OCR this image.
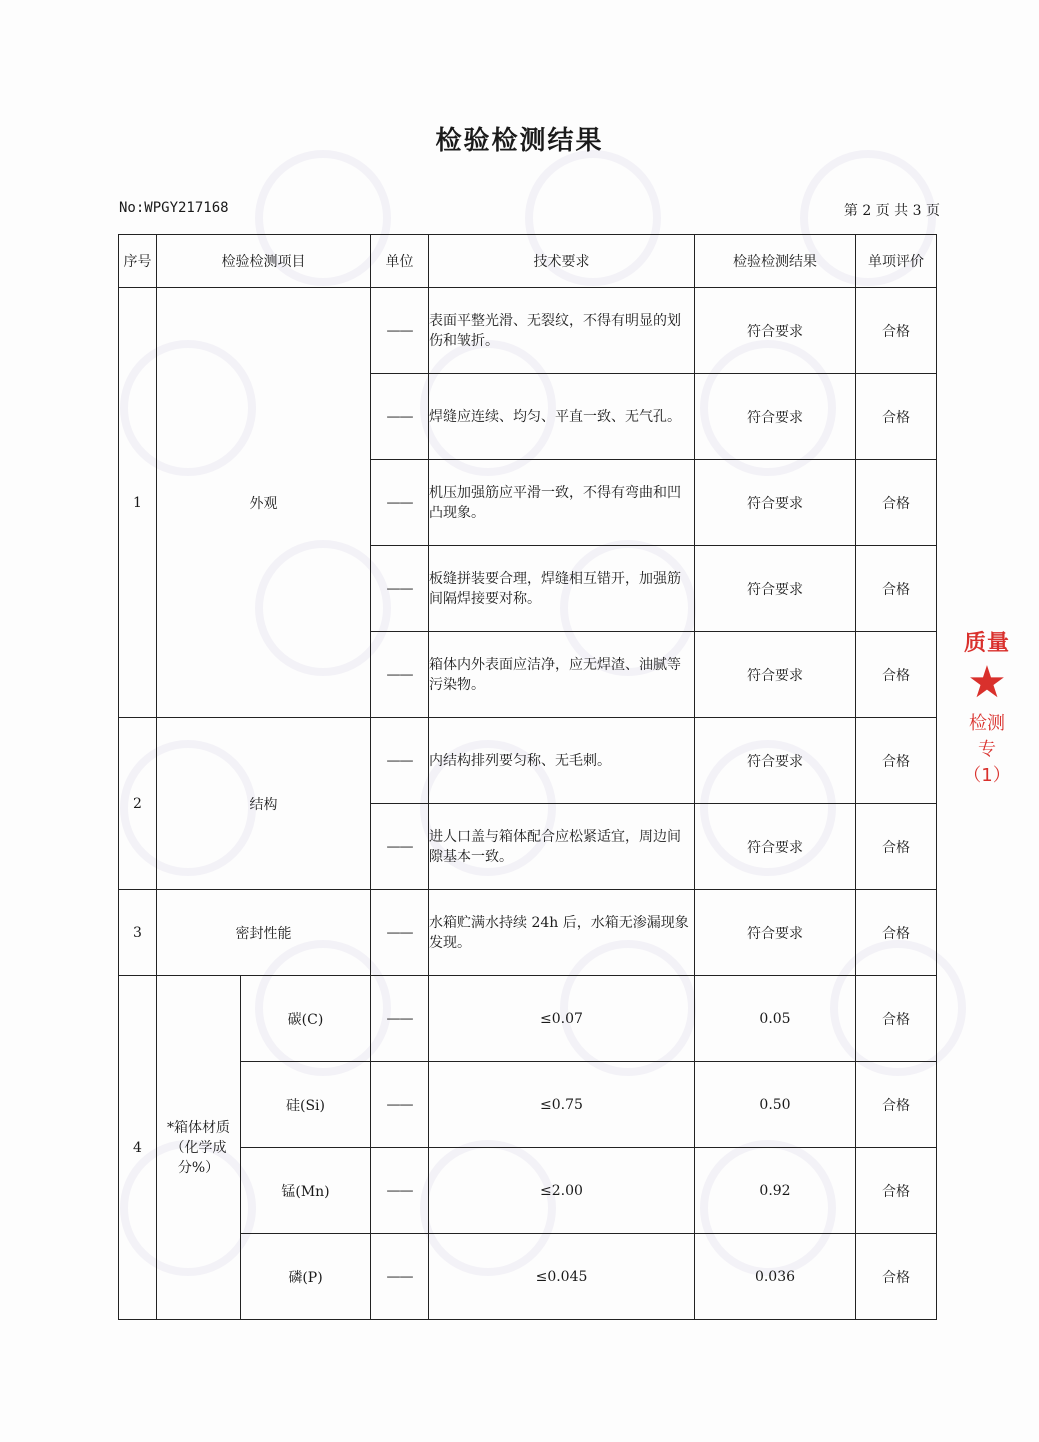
检验检测结果
No:WPGY217168	第 2 页 共 3 页
序号	检验检测项目		单位	技术要求	检验检测结果	单项评价
1	外观		——	表面平整光滑、无裂纹，不得有明显的划伤和皱折。	符合要求	合格
			——	焊缝应连续、均匀、平直一致、无气孔。	符合要求	合格
			——	机压加强筋应平滑一致，不得有弯曲和凹凸现象。	符合要求	合格
			——	板缝拼装要合理，焊缝相互错开，加强筋间隔焊接要对称。	符合要求	合格
			——	箱体内外表面应洁净，应无焊渣、油腻等污染物。	符合要求	合格
2	结构		——	内结构排列要匀称、无毛刺。	符合要求	合格
			——	进人口盖与箱体配合应松紧适宜，周边间隙基本一致。	符合要求	合格
3	密封性能		——	水箱贮满水持续 24h 后，水箱无渗漏现象发现。	符合要求	合格
4	*箱体材质（化学成分%）	碳(C)	——	≤0.07	0.05	合格
		硅(Si)	——	≤0.75	0.50	合格
		锰(Mn)	——	≤2.00	0.92	合格
		磷(P)	——	≤0.045	0.036	合格
质量
★
检测专
（1）
